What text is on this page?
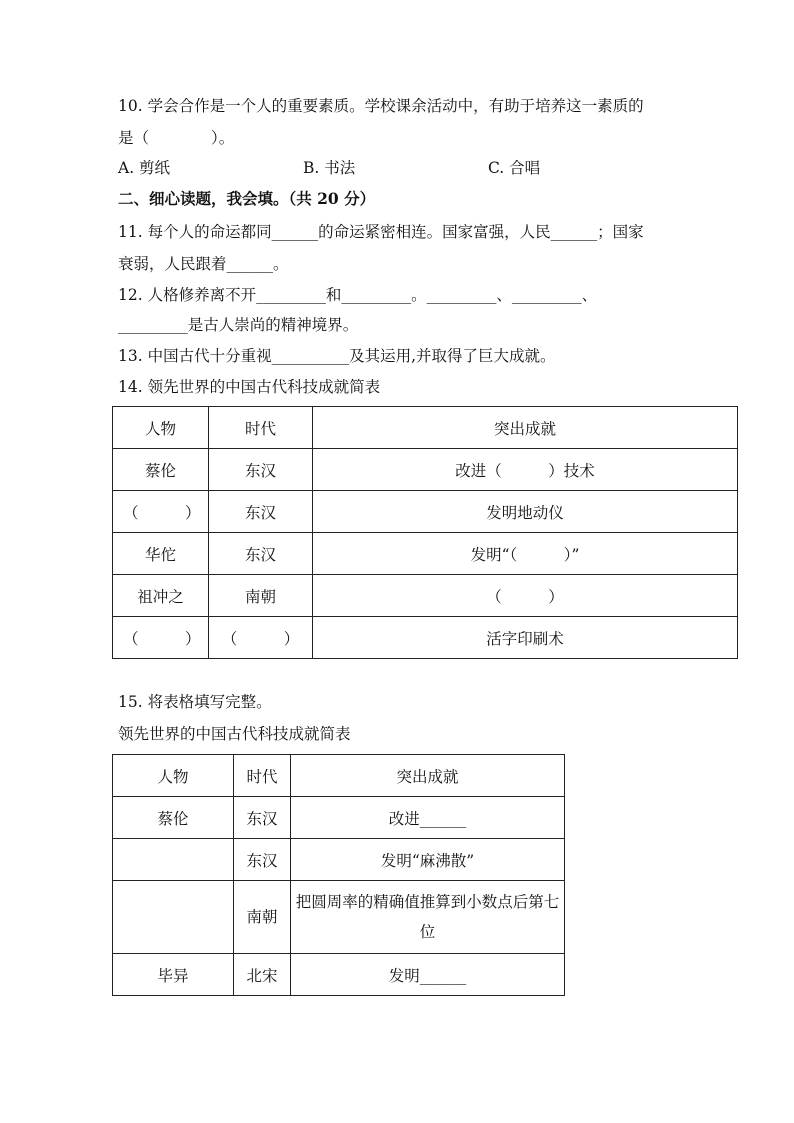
10. 学会合作是一个人的重要素质。学校课余活动中，有助于培养这一素质的
是（　　　　）。
A. 剪纸	B. 书法	C. 合唱
二、细心读题，我会填。（共 20 分）
11. 每个人的命运都同______的命运紧密相连。国家富强，人民______；国家
衰弱，人民跟着______。
12. 人格修养离不开_________和_________。_________、_________、
_________是古人崇尚的精神境界。
13. 中国古代十分重视__________及其运用,并取得了巨大成就。
14. 领先世界的中国古代科技成就简表
人物	时代	突出成就
蔡伦	东汉	改进（　　　）技术
（　　　）	东汉	发明地动仪
华佗	东汉	发明“（　　　）”
祖冲之	南朝	（　　　）
（　　　）	（　　　）	活字印刷术
15. 将表格填写完整。
领先世界的中国古代科技成就简表
人物	时代	突出成就
蔡伦	东汉	改进______
	东汉	发明“麻沸散”
	南朝	把圆周率的精确值推算到小数点后第七位
毕异	北宋	发明______
